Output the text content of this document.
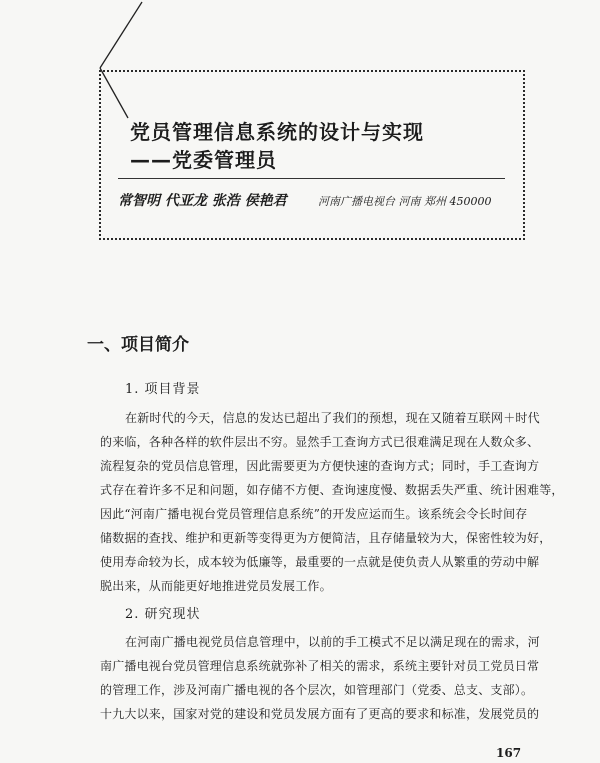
党员管理信息系统的设计与实现
——党委管理员
常智明 代亚龙 张浩 侯艳君	河南广播电视台 河南 郑州 450000
一、项目简介
1. 项目背景
在新时代的今天，信息的发达已超出了我们的预想，现在又随着互联网＋时代
的来临，各种各样的软件层出不穷。显然手工查询方式已很难满足现在人数众多、
流程复杂的党员信息管理，因此需要更为方便快速的查询方式；同时，手工查询方
式存在着许多不足和问题，如存储不方便、查询速度慢、数据丢失严重、统计困难等，
因此“河南广播电视台党员管理信息系统”的开发应运而生。该系统会令长时间存
储数据的查找、维护和更新等变得更为方便简洁，且存储量较为大，保密性较为好，
使用寿命较为长，成本较为低廉等，最重要的一点就是使负责人从繁重的劳动中解
脱出来，从而能更好地推进党员发展工作。
2. 研究现状
在河南广播电视党员信息管理中，以前的手工模式不足以满足现在的需求，河
南广播电视台党员管理信息系统就弥补了相关的需求，系统主要针对员工党员日常
的管理工作，涉及河南广播电视的各个层次，如管理部门（党委、总支、支部）。
十九大以来，国家对党的建设和党员发展方面有了更高的要求和标准，发展党员的
167
